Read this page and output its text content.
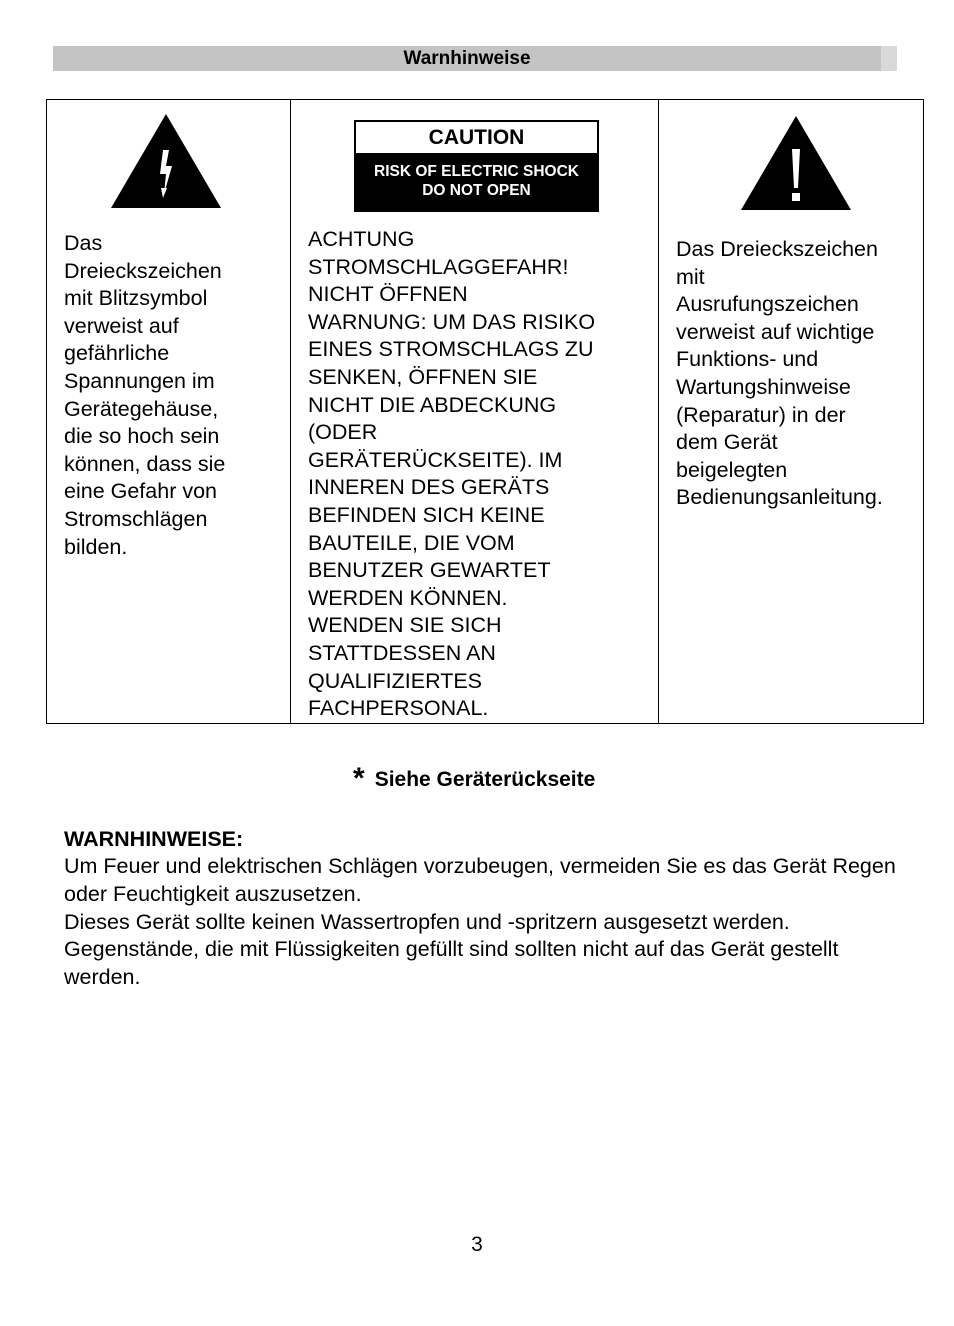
Warnhinweise
Das
Dreieckszeichen
mit Blitzsymbol
verweist auf
gefährliche
Spannungen im
Gerätegehäuse,
die so hoch sein
können, dass sie
eine Gefahr von
Stromschlägen
bilden.
CAUTION
RISK OF ELECTRIC SHOCK
DO NOT OPEN
ACHTUNG
STROMSCHLAGGEFAHR!
NICHT ÖFFNEN
WARNUNG: UM DAS RISIKO
EINES STROMSCHLAGS ZU
SENKEN, ÖFFNEN SIE
NICHT DIE ABDECKUNG
(ODER
GERÄTERÜCKSEITE). IM
INNEREN DES GERÄTS
BEFINDEN SICH KEINE
BAUTEILE, DIE VOM
BENUTZER GEWARTET
WERDEN KÖNNEN.
WENDEN SIE SICH
STATTDESSEN AN
QUALIFIZIERTES
FACHPERSONAL.
Das Dreieckszeichen
mit
Ausrufungszeichen
verweist auf wichtige
Funktions- und
Wartungshinweise
(Reparatur) in der
dem Gerät
beigelegten
Bedienungsanleitung.
* Siehe Geräterückseite
WARNHINWEISE:

Um Feuer und elektrischen Schlägen vorzubeugen, vermeiden Sie es das Gerät Regen oder Feuchtigkeit auszusetzen.

Dieses Gerät sollte keinen Wassertropfen und -spritzern ausgesetzt werden. Gegenstände, die mit Flüssigkeiten gefüllt sind sollten nicht auf das Gerät gestellt werden.

3
